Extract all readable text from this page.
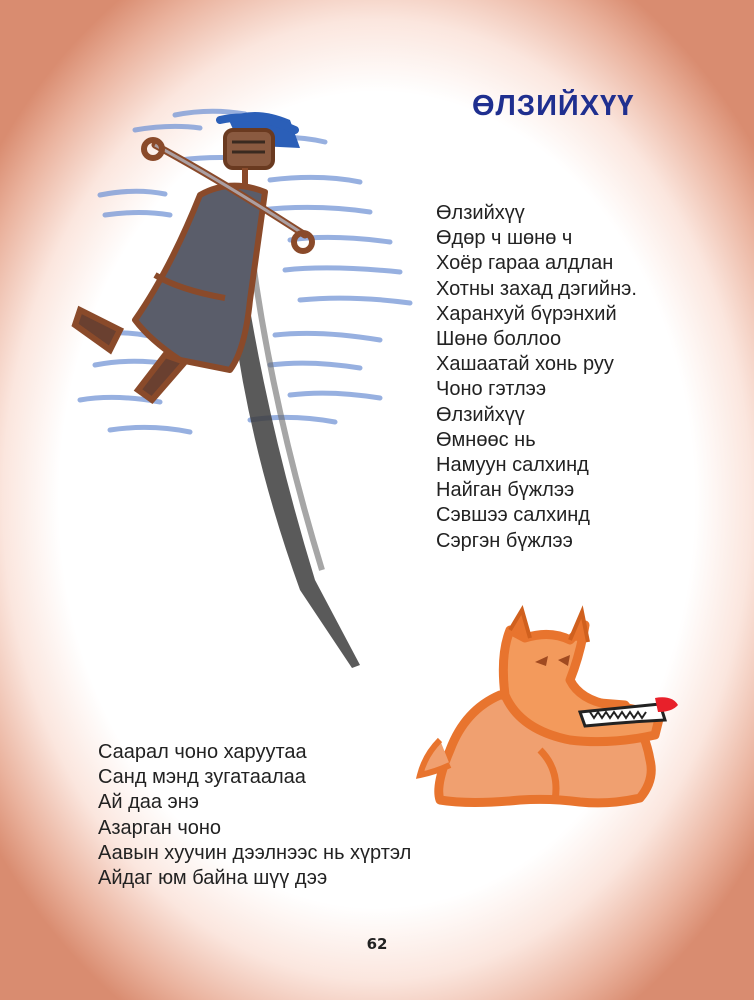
ӨЛЗИЙХҮҮ
Өлзийхүү
Өдөр ч шөнө ч
Хоёр гараа алдлан
Хотны захад дэгийнэ.
Харанхуй бүрэнхий
Шөнө боллоо
Хашаатай хонь руу
Чоно гэтлээ
Өлзийхүү
Өмнөөс нь
Намуун салхинд
Найган бүжлээ
Сэвшээ салхинд
Сэргэн бүжлээ
Саарал чоно харуутаа
Санд мэнд зугатаалаа
Ай даа энэ
Азарган чоно
Аавын хуучин дээлнээс нь хүртэл
Айдаг юм байна шүү дээ
62
